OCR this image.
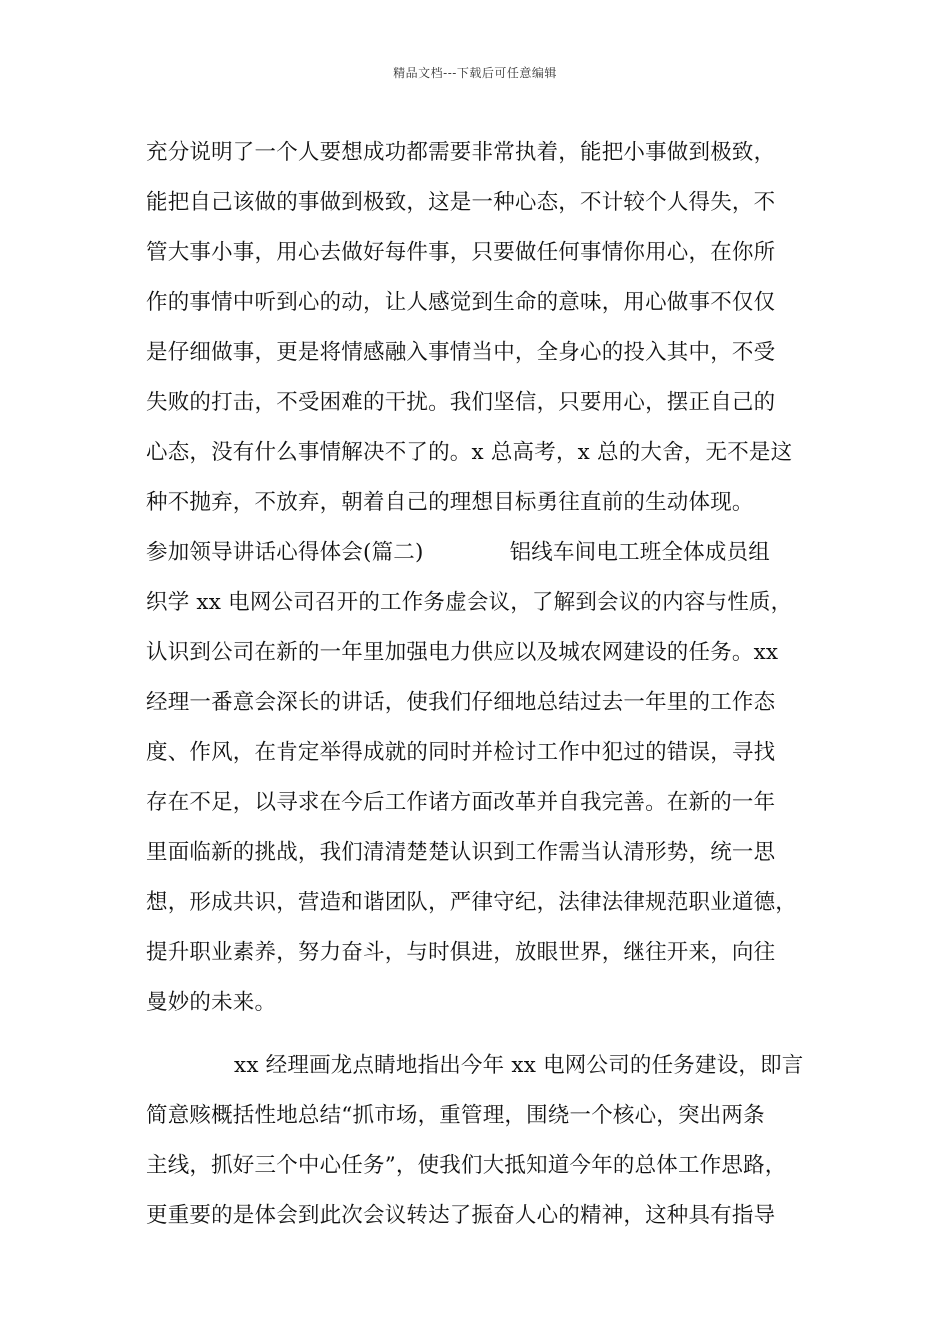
精品文档---下载后可任意编辑
充分说明了一个人要想成功都需要非常执着，能把小事做到极致，
能把自己该做的事做到极致，这是一种心态，不计较个人得失，不
管大事小事，用心去做好每件事，只要做任何事情你用心，在你所
作的事情中听到心的动，让人感觉到生命的意味，用心做事不仅仅
是仔细做事，更是将情感融入事情当中，全身心的投入其中，不受
失败的打击，不受困难的干扰。我们坚信，只要用心，摆正自己的
心态，没有什么事情解决不了的。x 总高考，x 总的大舍，无不是这
种不抛弃，不放弃，朝着自己的理想目标勇往直前的生动体现。
参加领导讲话心得体会(篇二)	铝线车间电工班全体成员组
织学 xx 电网公司召开的工作务虚会议，了解到会议的内容与性质，
认识到公司在新的一年里加强电力供应以及城农网建设的任务。xx
经理一番意会深长的讲话，使我们仔细地总结过去一年里的工作态
度、作风，在肯定举得成就的同时并检讨工作中犯过的错误，寻找
存在不足，以寻求在今后工作诸方面改革并自我完善。在新的一年
里面临新的挑战，我们清清楚楚认识到工作需当认清形势，统一思
想，形成共识，营造和谐团队，严律守纪，法律法律规范职业道德，
提升职业素养，努力奋斗，与时俱进，放眼世界，继往开来，向往
曼妙的未来。
xx 经理画龙点睛地指出今年 xx 电网公司的任务建设，即言
简意赅概括性地总结“抓市场，重管理，围绕一个核心，突出两条
主线，抓好三个中心任务”，使我们大抵知道今年的总体工作思路，
更重要的是体会到此次会议转达了振奋人心的精神，这种具有指导
